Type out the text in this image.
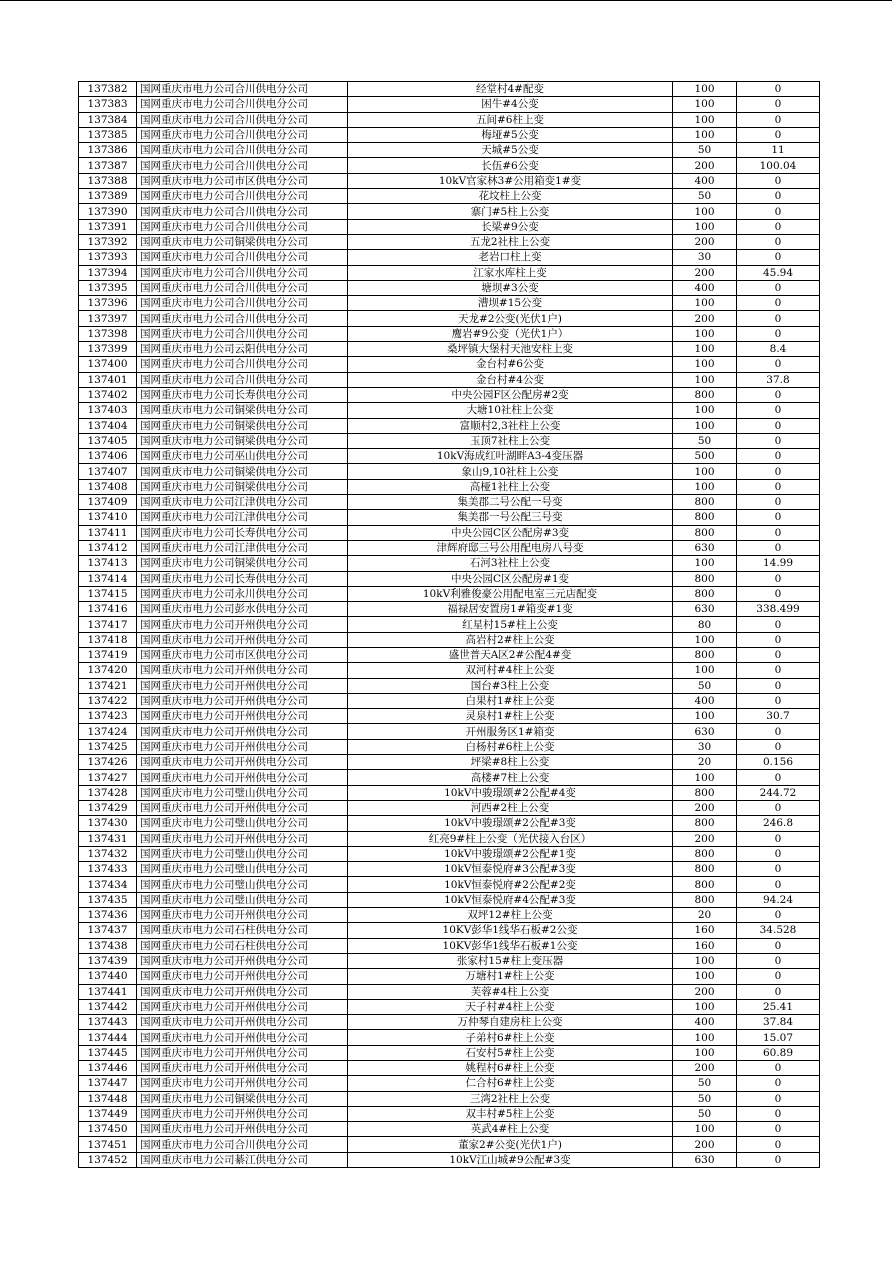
137382	国网重庆市电力公司合川供电分公司	经堂村4#配变	100	0
137383	国网重庆市电力公司合川供电分公司	困牛#4公变	100	0
137384	国网重庆市电力公司合川供电分公司	五间#6柱上变	100	0
137385	国网重庆市电力公司合川供电分公司	梅垭#5公变	100	0
137386	国网重庆市电力公司合川供电分公司	天城#5公变	50	11
137387	国网重庆市电力公司合川供电分公司	长伍#6公变	200	100.04
137388	国网重庆市电力公司市区供电分公司	10kV官家林3#公用箱变1#变	400	0
137389	国网重庆市电力公司合川供电分公司	花坟柱上公变	50	0
137390	国网重庆市电力公司合川供电分公司	寨门#5柱上公变	100	0
137391	国网重庆市电力公司合川供电分公司	长梁#9公变	100	0
137392	国网重庆市电力公司铜梁供电分公司	五龙2社柱上公变	200	0
137393	国网重庆市电力公司合川供电分公司	老岩口柱上变	30	0
137394	国网重庆市电力公司合川供电分公司	江家水库柱上变	200	45.94
137395	国网重庆市电力公司合川供电分公司	塘坝#3公变	400	0
137396	国网重庆市电力公司合川供电分公司	漕坝#15公变	100	0
137397	国网重庆市电力公司合川供电分公司	天龙#2公变(光伏1户)	200	0
137398	国网重庆市电力公司合川供电分公司	鹰岩#9公变（光伏1户）	100	0
137399	国网重庆市电力公司云阳供电分公司	桑坪镇大堡村天池安柱上变	100	8.4
137400	国网重庆市电力公司合川供电分公司	金台村#6公变	100	0
137401	国网重庆市电力公司合川供电分公司	金台村#4公变	100	37.8
137402	国网重庆市电力公司长寿供电分公司	中央公园F区公配房#2变	800	0
137403	国网重庆市电力公司铜梁供电分公司	大塘10社柱上公变	100	0
137404	国网重庆市电力公司铜梁供电分公司	富顺村2,3社柱上公变	100	0
137405	国网重庆市电力公司铜梁供电分公司	玉顶7社柱上公变	50	0
137406	国网重庆市电力公司巫山供电分公司	10kV海成红叶湖畔A3-4变压器	500	0
137407	国网重庆市电力公司铜梁供电分公司	象山9,10社柱上公变	100	0
137408	国网重庆市电力公司铜梁供电分公司	高桠1社柱上公变	100	0
137409	国网重庆市电力公司江津供电分公司	集美郡二号公配一号变	800	0
137410	国网重庆市电力公司江津供电分公司	集美郡一号公配三号变	800	0
137411	国网重庆市电力公司长寿供电分公司	中央公园C区公配房#3变	800	0
137412	国网重庆市电力公司江津供电分公司	津辉府邸三号公用配电房八号变	630	0
137413	国网重庆市电力公司铜梁供电分公司	石河3社柱上公变	100	14.99
137414	国网重庆市电力公司长寿供电分公司	中央公园C区公配房#1变	800	0
137415	国网重庆市电力公司永川供电分公司	10kV利雅俊豪公用配电室三元店配变	800	0
137416	国网重庆市电力公司彭水供电分公司	福禄居安置房1#箱变#1变	630	338.499
137417	国网重庆市电力公司开州供电分公司	红星村15#柱上公变	80	0
137418	国网重庆市电力公司开州供电分公司	高岩村2#柱上公变	100	0
137419	国网重庆市电力公司市区供电分公司	盛世普天A区2#公配4#变	800	0
137420	国网重庆市电力公司开州供电分公司	双河村#4柱上公变	100	0
137421	国网重庆市电力公司开州供电分公司	国台#3柱上公变	50	0
137422	国网重庆市电力公司开州供电分公司	白果村1#柱上公变	400	0
137423	国网重庆市电力公司开州供电分公司	灵泉村1#柱上公变	100	30.7
137424	国网重庆市电力公司开州供电分公司	开州服务区1#箱变	630	0
137425	国网重庆市电力公司开州供电分公司	白杨村#6柱上公变	30	0
137426	国网重庆市电力公司开州供电分公司	坪梁#8柱上公变	20	0.156
137427	国网重庆市电力公司开州供电分公司	高楼#7柱上公变	100	0
137428	国网重庆市电力公司璧山供电分公司	10kV中骏璟颂#2公配#4变	800	244.72
137429	国网重庆市电力公司开州供电分公司	河西#2柱上公变	200	0
137430	国网重庆市电力公司璧山供电分公司	10kV中骏璟颂#2公配#3变	800	246.8
137431	国网重庆市电力公司开州供电分公司	红亮9#柱上公变（光伏接入台区）	200	0
137432	国网重庆市电力公司璧山供电分公司	10kV中骏璟颂#2公配#1变	800	0
137433	国网重庆市电力公司璧山供电分公司	10kV恒泰悦府#3公配#3变	800	0
137434	国网重庆市电力公司璧山供电分公司	10kV恒泰悦府#2公配#2变	800	0
137435	国网重庆市电力公司璧山供电分公司	10kV恒泰悦府#4公配#3变	800	94.24
137436	国网重庆市电力公司开州供电分公司	双坪12#柱上公变	20	0
137437	国网重庆市电力公司石柱供电分公司	10KV彭华1线华石板#2公变	160	34.528
137438	国网重庆市电力公司石柱供电分公司	10KV彭华1线华石板#1公变	160	0
137439	国网重庆市电力公司开州供电分公司	张家村15#柱上变压器	100	0
137440	国网重庆市电力公司开州供电分公司	万塘村1#柱上公变	100	0
137441	国网重庆市电力公司开州供电分公司	芙蓉#4柱上公变	200	0
137442	国网重庆市电力公司开州供电分公司	天子村#4柱上公变	100	25.41
137443	国网重庆市电力公司开州供电分公司	万仲琴自建房柱上公变	400	37.84
137444	国网重庆市电力公司开州供电分公司	子弟村6#柱上公变	100	15.07
137445	国网重庆市电力公司开州供电分公司	石安村5#柱上公变	100	60.89
137446	国网重庆市电力公司开州供电分公司	姚程村6#柱上公变	200	0
137447	国网重庆市电力公司开州供电分公司	仁合村6#柱上公变	50	0
137448	国网重庆市电力公司铜梁供电分公司	三湾2社柱上公变	50	0
137449	国网重庆市电力公司开州供电分公司	双丰村#5柱上公变	50	0
137450	国网重庆市电力公司开州供电分公司	英武4#柱上公变	100	0
137451	国网重庆市电力公司合川供电分公司	董家2#公变(光伏1户)	200	0
137452	国网重庆市电力公司綦江供电分公司	10kV江山城#9公配#3变	630	0
